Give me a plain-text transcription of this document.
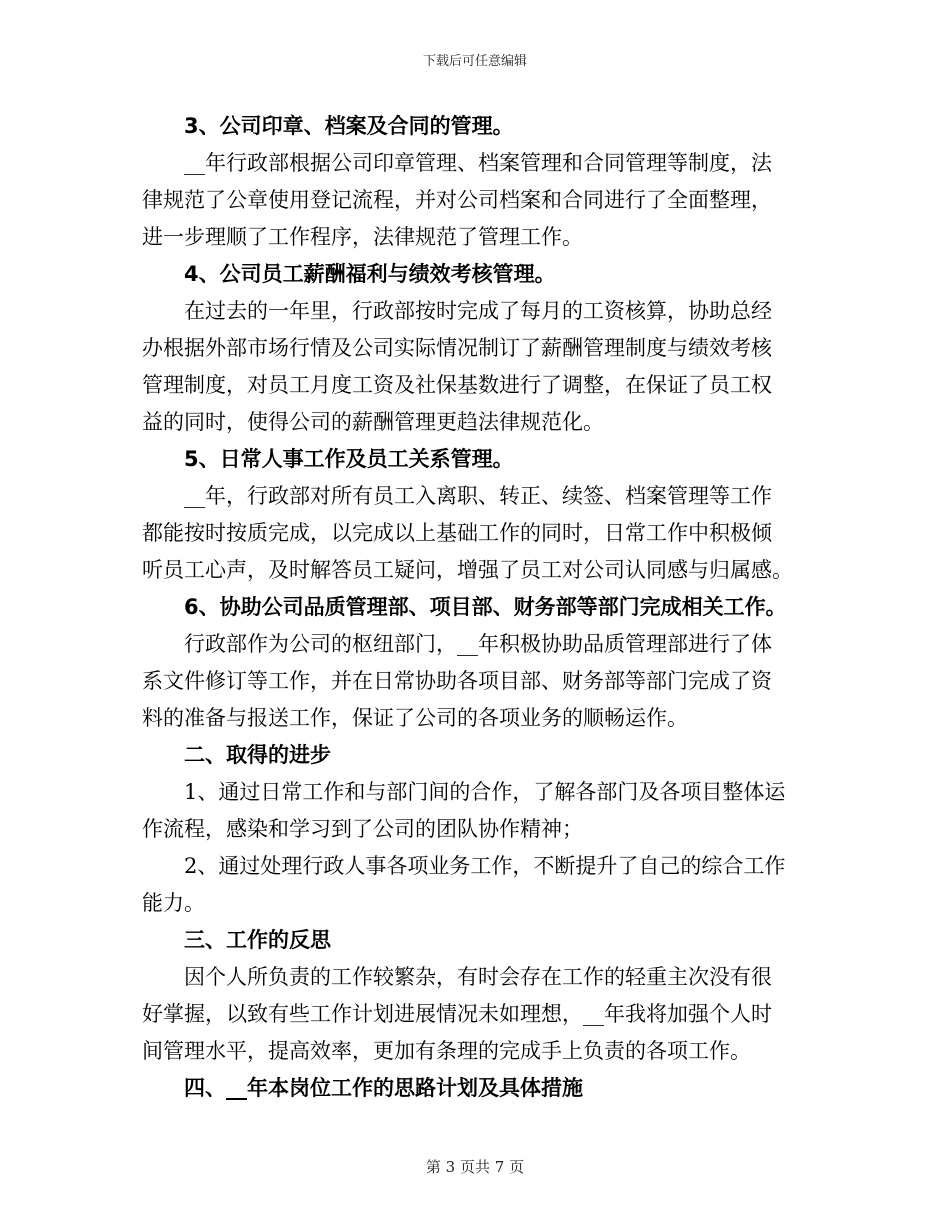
下载后可任意编辑
3、公司印章、档案及合同的管理。
__年行政部根据公司印章管理、档案管理和合同管理等制度，法
律规范了公章使用登记流程，并对公司档案和合同进行了全面整理，
进一步理顺了工作程序，法律规范了管理工作。
4、公司员工薪酬福利与绩效考核管理。
在过去的一年里，行政部按时完成了每月的工资核算，协助总经
办根据外部市场行情及公司实际情况制订了薪酬管理制度与绩效考核
管理制度，对员工月度工资及社保基数进行了调整，在保证了员工权
益的同时，使得公司的薪酬管理更趋法律规范化。
5、日常人事工作及员工关系管理。
__年，行政部对所有员工入离职、转正、续签、档案管理等工作
都能按时按质完成，以完成以上基础工作的同时，日常工作中积极倾
听员工心声，及时解答员工疑问，增强了员工对公司认同感与归属感。
6、协助公司品质管理部、项目部、财务部等部门完成相关工作。
行政部作为公司的枢纽部门，__年积极协助品质管理部进行了体
系文件修订等工作，并在日常协助各项目部、财务部等部门完成了资
料的准备与报送工作，保证了公司的各项业务的顺畅运作。
二、取得的进步
1、通过日常工作和与部门间的合作，了解各部门及各项目整体运
作流程，感染和学习到了公司的团队协作精神；
2、通过处理行政人事各项业务工作，不断提升了自己的综合工作
能力。
三、工作的反思
因个人所负责的工作较繁杂，有时会存在工作的轻重主次没有很
好掌握，以致有些工作计划进展情况未如理想，__年我将加强个人时
间管理水平，提高效率，更加有条理的完成手上负责的各项工作。
四、__年本岗位工作的思路计划及具体措施
第 3 页共 7 页
